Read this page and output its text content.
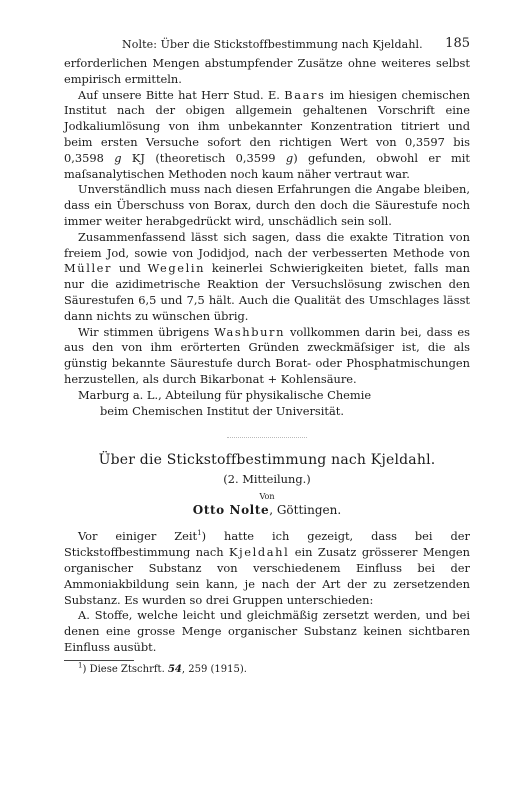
Nolte: Über die Stickstoffbestimmung nach Kjeldahl. 185

erforderlichen Mengen abstumpfender Zusätze ohne weiteres selbst empirisch ermitteln.

Auf unsere Bitte hat Herr Stud. E. Baars im hiesigen chemischen Institut nach der obigen allgemein gehaltenen Vorschrift eine Jodkaliumlösung von ihm unbekannter Konzentration titriert und beim ersten Versuche sofort den richtigen Wert von 0,3597 bis 0,3598 g KJ (theoretisch 0,3599 g) gefunden, obwohl er mit maſsanalytischen Methoden noch kaum näher vertraut war.

Unverständlich muss nach diesen Erfahrungen die Angabe bleiben, dass ein Überschuss von Borax, durch den doch die Säurestufe noch immer weiter herabgedrückt wird, unschädlich sein soll.

Zusammenfassend lässt sich sagen, dass die exakte Titration von freiem Jod, sowie von Jodidjod, nach der verbesserten Methode von Müller und Wegelin keinerlei Schwierigkeiten bietet, falls man nur die azidimetrische Reaktion der Versuchslösung zwischen den Säurestufen 6,5 und 7,5 hält. Auch die Qualität des Umschlages lässt dann nichts zu wünschen übrig.

Wir stimmen übrigens Washburn vollkommen darin bei, dass es aus den von ihm erörterten Gründen zweckmäſsiger ist, die als günstig bekannte Säurestufe durch Borat- oder Phosphatmischungen herzustellen, als durch Bikarbonat + Kohlensäure.

Marburg a. L., Abteilung für physikalische Chemie
beim Chemischen Institut der Universität.
Über die Stickstoffbestimmung nach Kjeldahl.
(2. Mitteilung.)
Von
Otto Nolte, Göttingen.

Vor einiger Zeit$^1$) hatte ich gezeigt, dass bei der Stickstoffbestimmung nach Kjeldahl ein Zusatz grösserer Mengen organischer Substanz von verschiedenem Einfluss bei der Ammoniakbildung sein kann, je nach der Art der zu zersetzenden Substanz. Es wurden so drei Gruppen unterschieden:

A. Stoffe, welche leicht und gleichmäßig zersetzt werden, und bei denen eine grosse Menge organischer Substanz keinen sichtbaren Einfluss ausübt.

$^1$) Diese Ztschrft. 54, 259 (1915).
